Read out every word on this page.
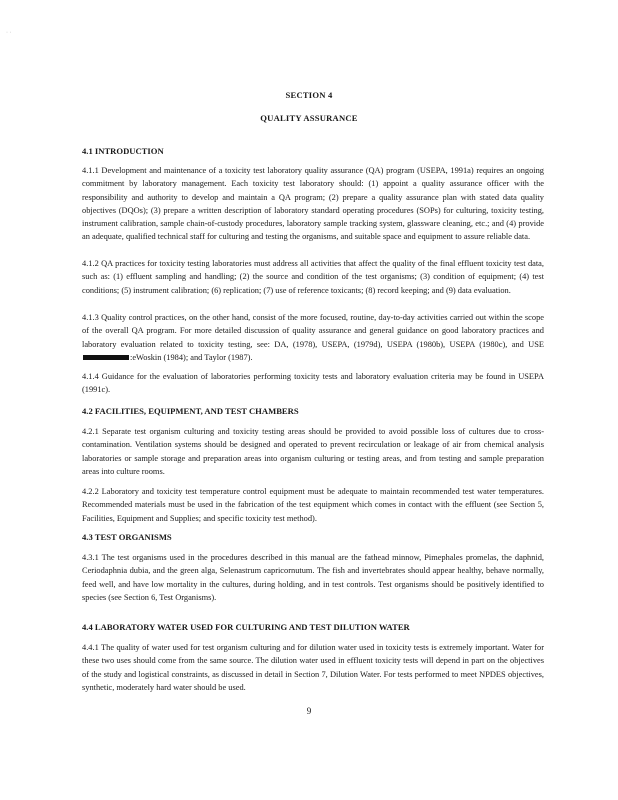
· ·
SECTION 4
QUALITY ASSURANCE
4.1 INTRODUCTION

4.1.1 Development and maintenance of a toxicity test laboratory quality assurance (QA) program (USEPA, 1991a) requires an ongoing commitment by laboratory management. Each toxicity test laboratory should: (1) appoint a quality assurance officer with the responsibility and authority to develop and maintain a QA program; (2) prepare a quality assurance plan with stated data quality objectives (DQOs); (3) prepare a written description of laboratory standard operating procedures (SOPs) for culturing, toxicity testing, instrument calibration, sample chain-of-custody procedures, laboratory sample tracking system, glassware cleaning, etc.; and (4) provide an adequate, qualified technical staff for culturing and testing the organisms, and suitable space and equipment to assure reliable data.

4.1.2 QA practices for toxicity testing laboratories must address all activities that affect the quality of the final effluent toxicity test data, such as: (1) effluent sampling and handling; (2) the source and condition of the test organisms; (3) condition of equipment; (4) test conditions; (5) instrument calibration; (6) replication; (7) use of reference toxicants; (8) record keeping; and (9) data evaluation.

4.1.3 Quality control practices, on the other hand, consist of the more focused, routine, day-to-day activities carried out within the scope of the overall QA program. For more detailed discussion of quality assurance and general guidance on good laboratory practices and laboratory evaluation related to toxicity testing, see: DA, (1978), USEPA, (1979d), USEPA (1980b), USEPA (1980c), and USE:eWoskin (1984); and Taylor (1987).

4.1.4 Guidance for the evaluation of laboratories performing toxicity tests and laboratory evaluation criteria may be found in USEPA (1991c).

4.2 FACILITIES, EQUIPMENT, AND TEST CHAMBERS

4.2.1 Separate test organism culturing and toxicity testing areas should be provided to avoid possible loss of cultures due to cross-contamination. Ventilation systems should be designed and operated to prevent recirculation or leakage of air from chemical analysis laboratories or sample storage and preparation areas into organism culturing or testing areas, and from testing and sample preparation areas into culture rooms.

4.2.2 Laboratory and toxicity test temperature control equipment must be adequate to maintain recommended test water temperatures. Recommended materials must be used in the fabrication of the test equipment which comes in contact with the effluent (see Section 5, Facilities, Equipment and Supplies; and specific toxicity test method).

4.3 TEST ORGANISMS

4.3.1 The test organisms used in the procedures described in this manual are the fathead minnow, Pimephales promelas, the daphnid, Ceriodaphnia dubia, and the green alga, Selenastrum capricornutum. The fish and invertebrates should appear healthy, behave normally, feed well, and have low mortality in the cultures, during holding, and in test controls. Test organisms should be positively identified to species (see Section 6, Test Organisms).

4.4 LABORATORY WATER USED FOR CULTURING AND TEST DILUTION WATER

4.4.1 The quality of water used for test organism culturing and for dilution water used in toxicity tests is extremely important. Water for these two uses should come from the same source. The dilution water used in effluent toxicity tests will depend in part on the objectives of the study and logistical constraints, as discussed in detail in Section 7, Dilution Water. For tests performed to meet NPDES objectives, synthetic, moderately hard water should be used.

9
